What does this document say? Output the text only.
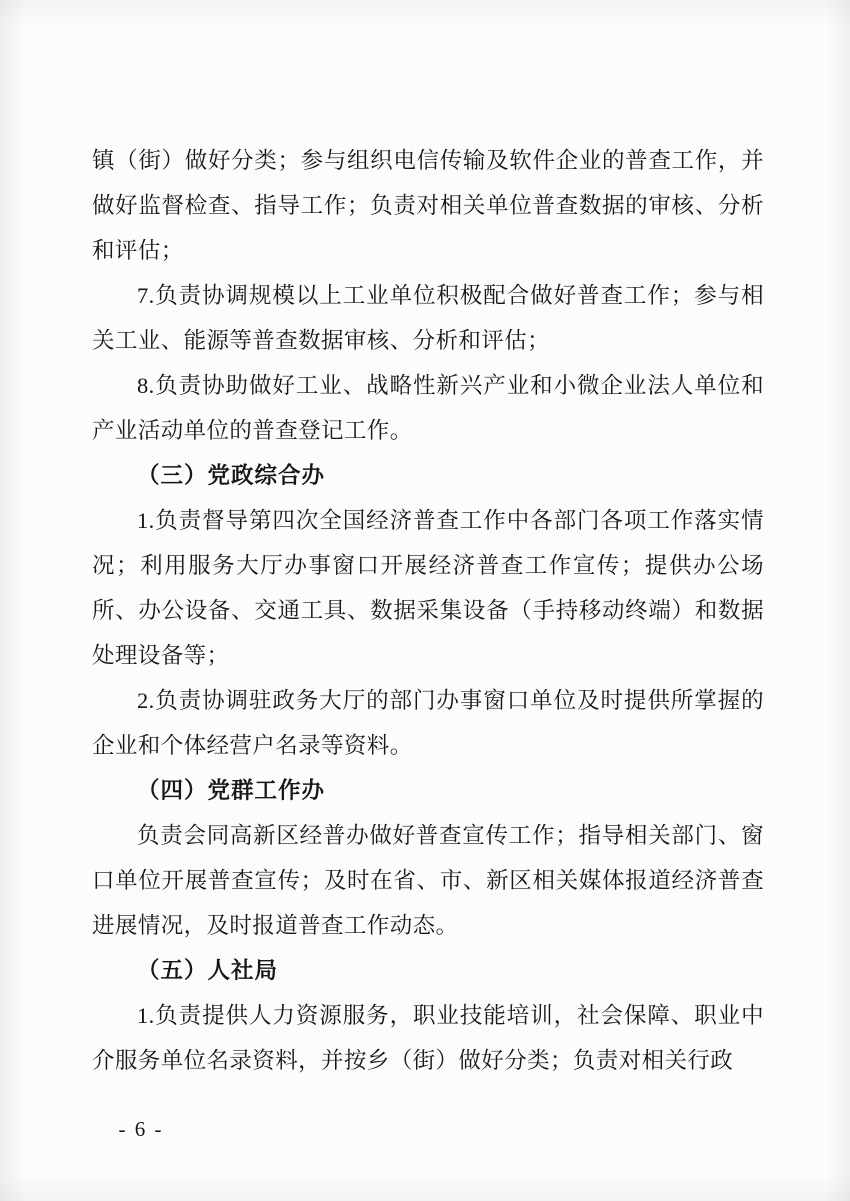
镇（街）做好分类；参与组织电信传输及软件企业的普查工作，并做好监督检查、指导工作；负责对相关单位普查数据的审核、分析和评估；

7.负责协调规模以上工业单位积极配合做好普查工作；参与相关工业、能源等普查数据审核、分析和评估；

8.负责协助做好工业、战略性新兴产业和小微企业法人单位和产业活动单位的普查登记工作。

（三）党政综合办

1.负责督导第四次全国经济普查工作中各部门各项工作落实情况；利用服务大厅办事窗口开展经济普查工作宣传；提供办公场所、办公设备、交通工具、数据采集设备（手持移动终端）和数据处理设备等；

2.负责协调驻政务大厅的部门办事窗口单位及时提供所掌握的企业和个体经营户名录等资料。

（四）党群工作办

负责会同高新区经普办做好普查宣传工作；指导相关部门、窗口单位开展普查宣传；及时在省、市、新区相关媒体报道经济普查进展情况，及时报道普查工作动态。

（五）人社局

1.负责提供人力资源服务，职业技能培训，社会保障、职业中介服务单位名录资料，并按乡（街）做好分类；负责对相关行政

- 6 -
